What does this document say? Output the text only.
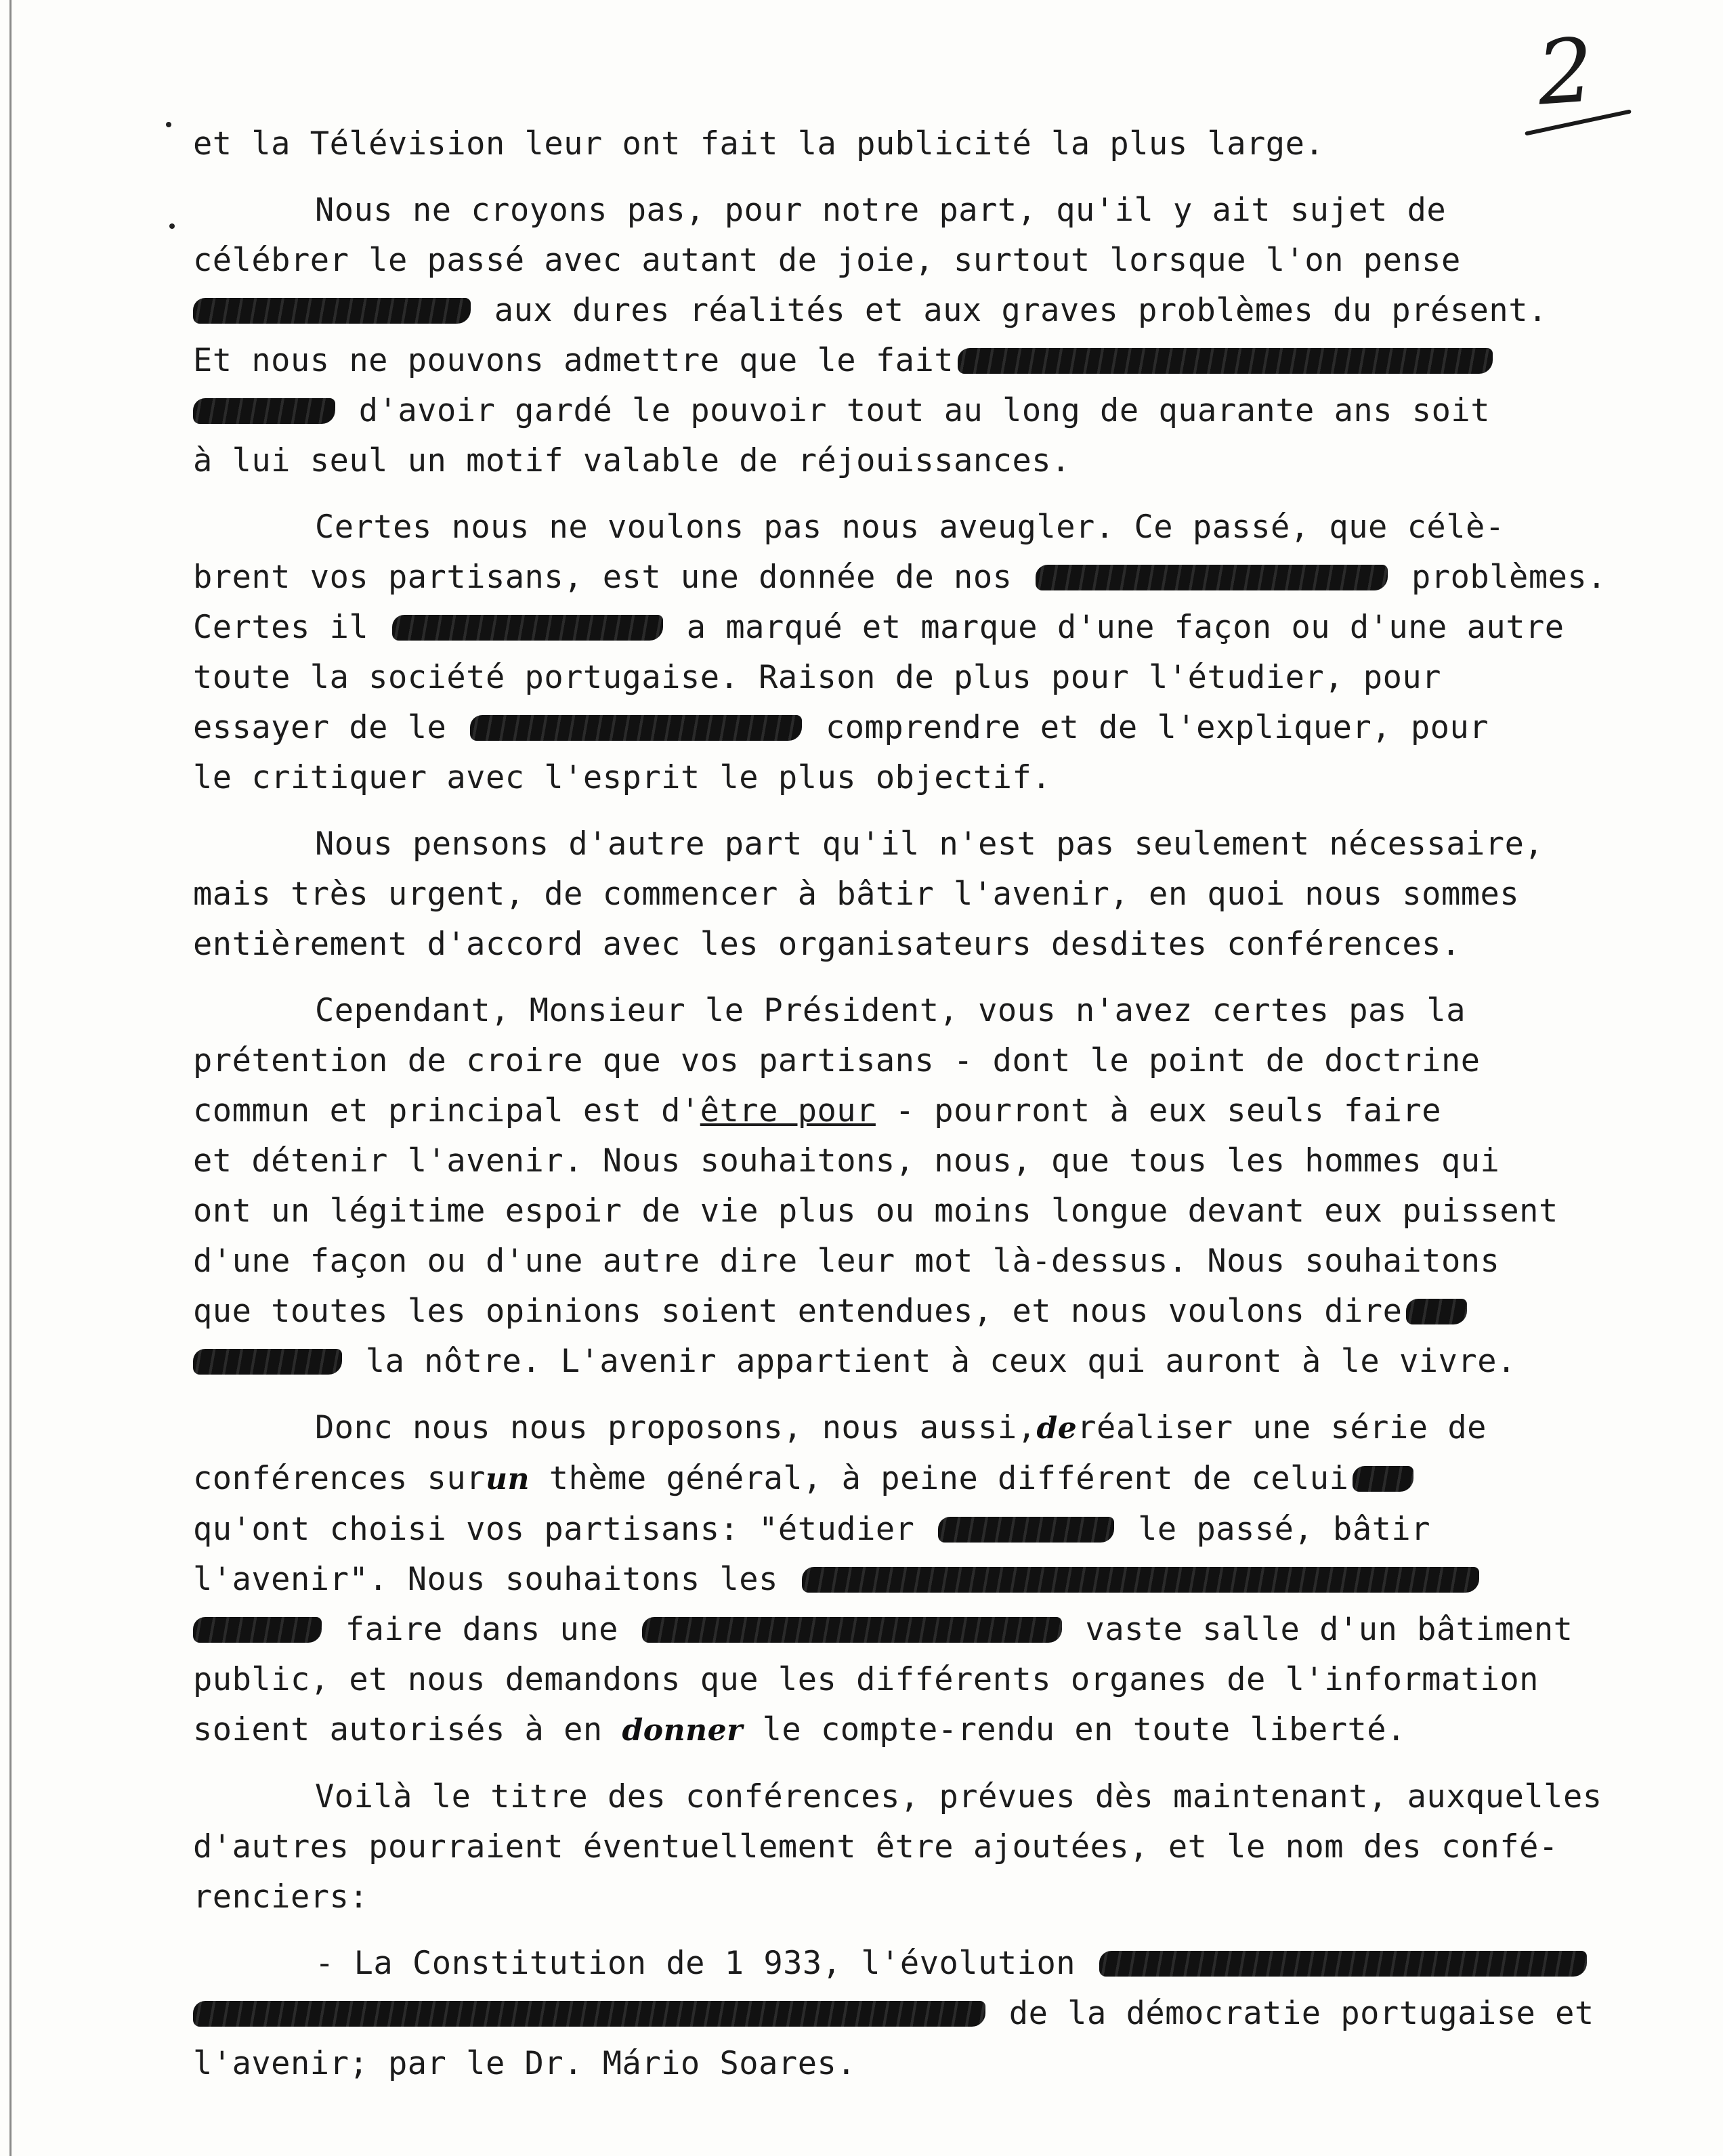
2

et la Télévision leur ont fait la publicité la plus large.

Nous ne croyons pas, pour notre part, qu'il y ait sujet de
célébrer le passé avec autant de joie, surtout lorsque l'on pense
aux dures réalités et aux graves problèmes du présent.
Et nous ne pouvons admettre que le fait
d'avoir gardé le pouvoir tout au long de quarante ans soit
à lui seul un motif valable de réjouissances.

Certes nous ne voulons pas nous aveugler. Ce passé, que célè-
brent vos partisans, est une donnée de nos	problèmes.
Certes il	a marqué et marque d'une façon ou d'une autre
toute la société portugaise. Raison de plus pour l'étudier, pour
essayer de le	comprendre et de l'expliquer, pour
le critiquer avec l'esprit le plus objectif.

Nous pensons d'autre part qu'il n'est pas seulement nécessaire,
mais très urgent, de commencer à bâtir l'avenir, en quoi nous sommes
entièrement d'accord avec les organisateurs desdites conférences.

Cependant, Monsieur le Président, vous n'avez certes pas la
prétention de croire que vos partisans - dont le point de doctrine
commun et principal est d'être pour - pourront à eux seuls faire
et détenir l'avenir. Nous souhaitons, nous, que tous les hommes qui
ont un légitime espoir de vie plus ou moins longue devant eux puissent
d'une façon ou d'une autre dire leur mot là-dessus. Nous souhaitons
que toutes les opinions soient entendues, et nous voulons dire
la nôtre. L'avenir appartient à ceux qui auront à le vivre.

Donc nous nous proposons, nous aussi,deréaliser une série de
conférences surun thème général, à peine différent de celui
qu'ont choisi vos partisans: "étudier	le passé, bâtir
l'avenir". Nous souhaitons les
faire dans une	vaste salle d'un bâtiment
public, et nous demandons que les différents organes de l'information
soient autorisés à en donner le compte-rendu en toute liberté.

Voilà le titre des conférences, prévues dès maintenant, auxquelles
d'autres pourraient éventuellement être ajoutées, et le nom des confé-
renciers:

- La Constitution de 1 933, l'évolution
de la démocratie portugaise et
l'avenir; par le Dr. Mário Soares.
